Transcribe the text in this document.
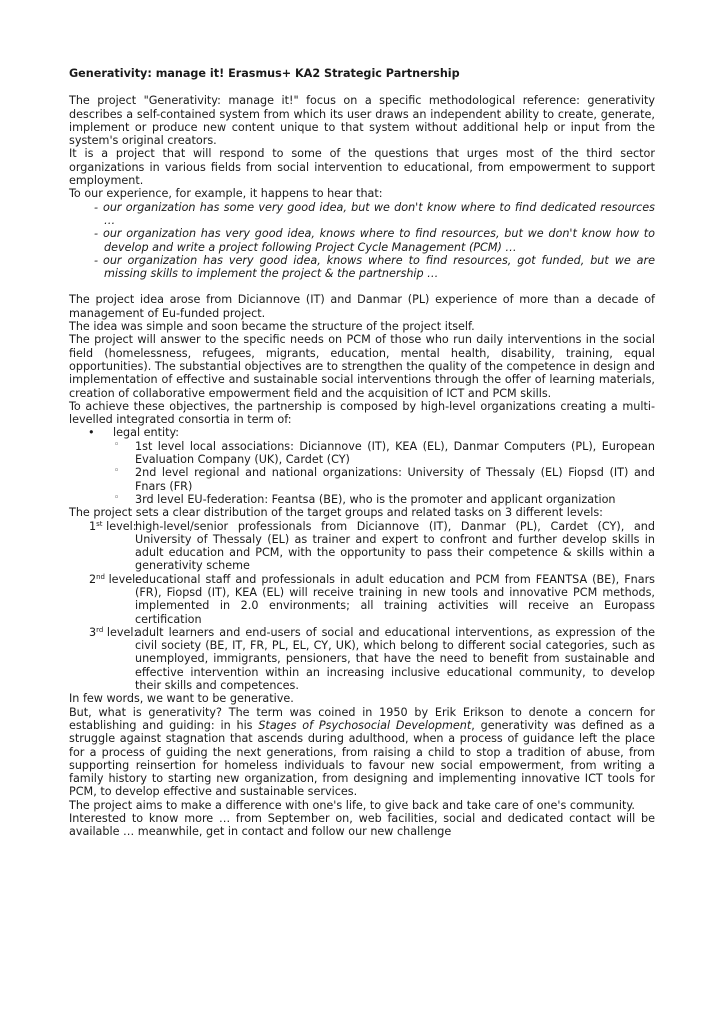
Generativity: manage it! Erasmus+ KA2 Strategic Partnership

The project "Generativity: manage it!" focus on a specific methodological reference: generativity describes a self-contained system from which its user draws an independent ability to create, generate, implement or produce new content unique to that system without additional help or input from the system's original creators.

It is a project that will respond to some of the questions that urges most of the third sector organizations in various fields from social intervention to educational, from empowerment to support employment.

To our experience, for example, it happens to hear that:

- our organization has some very good idea, but we don't know where to find dedicated resources …

- our organization has very good idea, knows where to find resources, but we don't know how to develop and write a project following Project Cycle Management (PCM) …

- our organization has very good idea, knows where to find resources, got funded, but we are missing skills to implement the project & the partnership …

The project idea arose from Diciannove (IT) and Danmar (PL) experience of more than a decade of management of Eu-funded project.

The idea was simple and soon became the structure of the project itself.

The project will answer to the specific needs on PCM of those who run daily interventions in the social field (homelessness, refugees, migrants, education, mental health, disability, training, equal opportunities). The substantial objectives are to strengthen the quality of the competence in design and implementation of effective and sustainable social interventions through the offer of learning materials, creation of collaborative empowerment field and the acquisition of ICT and PCM skills.

To achieve these objectives, the partnership is composed by high-level organizations creating a multi-levelled integrated consortia in term of:

• legal entity:

◦ 1st level local associations: Diciannove (IT), KEA (EL), Danmar Computers (PL), European Evaluation Company (UK), Cardet (CY)

◦ 2nd level regional and national organizations: University of Thessaly (EL) Fiopsd (IT) and Fnars (FR)

◦ 3rd level EU-federation: Feantsa (BE), who is the promoter and applicant organization

The project sets a clear distribution of the target groups and related tasks on 3 different levels:

1st level:
high-level/senior professionals from Diciannove (IT), Danmar (PL), Cardet (CY), and University of Thessaly (EL) as trainer and expert to confront and further develop skills in adult education and PCM, with the opportunity to pass their competence & skills within a generativity scheme

2nd level:
educational staff and professionals in adult education and PCM from FEANTSA (BE), Fnars (FR), Fiopsd (IT), KEA (EL) will receive training in new tools and innovative PCM methods, implemented in 2.0 environments; all training activities will receive an Europass certification

3rd level:
adult learners and end-users of social and educational interventions, as expression of the civil society (BE, IT, FR, PL, EL, CY, UK), which belong to different social categories, such as unemployed, immigrants, pensioners, that have the need to benefit from sustainable and effective intervention within an increasing inclusive educational community, to develop their skills and competences.

In few words, we want to be generative.

But, what is generativity? The term was coined in 1950 by Erik Erikson to denote a concern for establishing and guiding: in his Stages of Psychosocial Development, generativity was defined as a struggle against stagnation that ascends during adulthood, when a process of guidance left the place for a process of guiding the next generations, from raising a child to stop a tradition of abuse, from supporting reinsertion for homeless individuals to favour new social empowerment, from writing a family history to starting new organization, from designing and implementing innovative ICT tools for PCM, to develop effective and sustainable services.

The project aims to make a difference with one's life, to give back and take care of one's community.

Interested to know more … from September on, web facilities, social and dedicated contact will be available … meanwhile, get in contact and follow our new challenge
